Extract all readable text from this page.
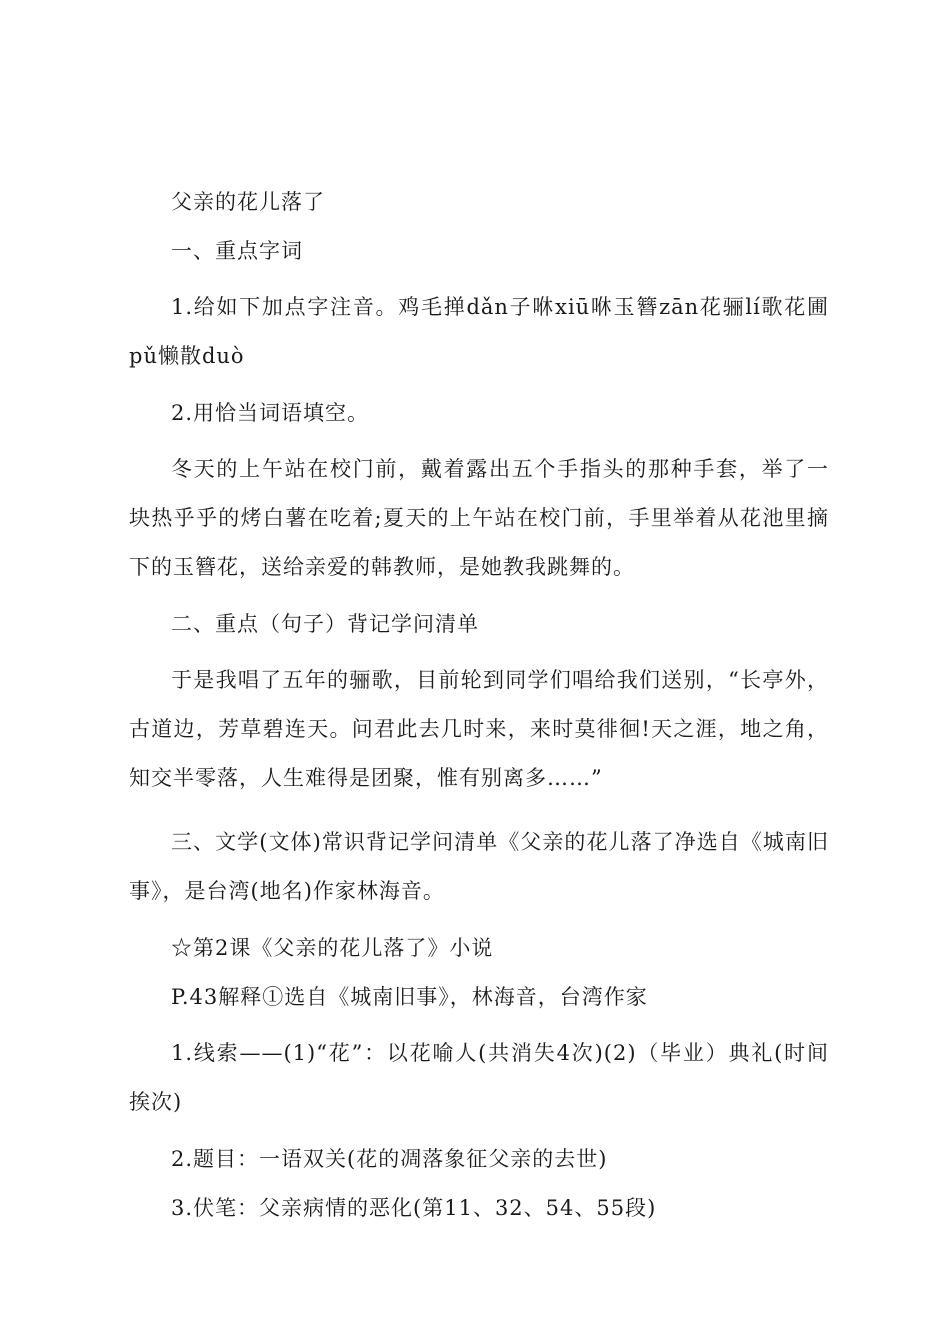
父亲的花儿落了

一、重点字词

1.给如下加点字注音。鸡毛掸dǎn子咻xiū咻玉簪zān花骊lí歌花圃pǔ懒散duò

2.用恰当词语填空。

冬天的上午站在校门前，戴着露出五个手指头的那种手套，举了一块热乎乎的烤白薯在吃着;夏天的上午站在校门前，手里举着从花池里摘下的玉簪花，送给亲爱的韩教师，是她教我跳舞的。

二、重点（句子）背记学问清单

于是我唱了五年的骊歌，目前轮到同学们唱给我们送别，“长亭外，古道边，芳草碧连天。问君此去几时来，来时莫徘徊!天之涯，地之角，知交半零落，人生难得是团聚，惟有别离多……”

三、文学(文体)常识背记学问清单《父亲的花儿落了净选自《城南旧事》，是台湾(地名)作家林海音。

☆第2课《父亲的花儿落了》小说

P.43解释①选自《城南旧事》，林海音，台湾作家

1.线索——(1)“花”：以花喻人(共消失4次)(2)（毕业）典礼(时间挨次)

2.题目：一语双关(花的凋落象征父亲的去世)

3.伏笔：父亲病情的恶化(第11、32、54、55段)
